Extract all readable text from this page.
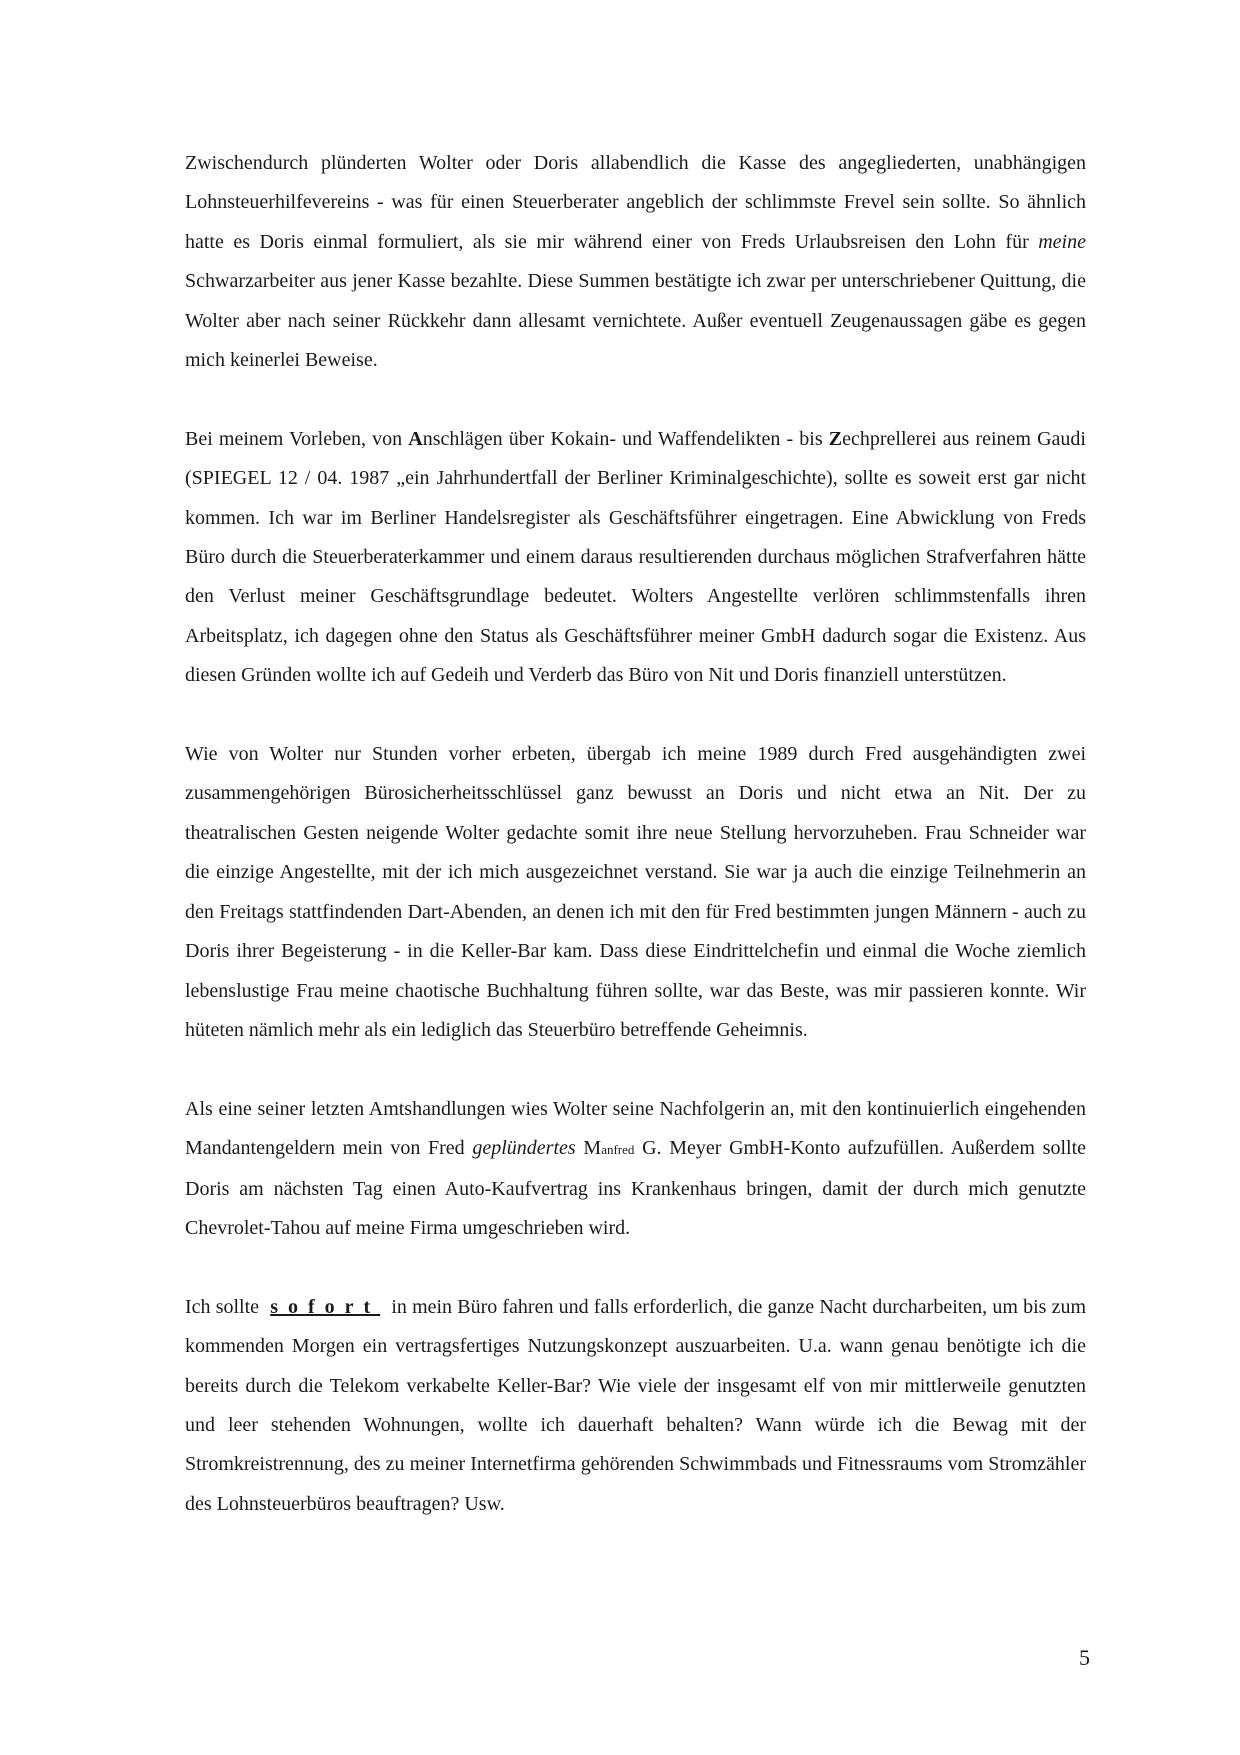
Zwischendurch plünderten Wolter oder Doris allabendlich die Kasse des angegliederten, unabhängigen Lohnsteuerhilfevereins - was für einen Steuerberater angeblich der schlimmste Frevel sein sollte. So ähnlich hatte es Doris einmal formuliert, als sie mir während einer von Freds Urlaubsreisen den Lohn für meine Schwarzarbeiter aus jener Kasse bezahlte. Diese Summen bestätigte ich zwar per unterschriebener Quittung, die Wolter aber nach seiner Rückkehr dann allesamt vernichtete. Außer eventuell Zeugenaussagen gäbe es gegen mich keinerlei Beweise.

Bei meinem Vorleben, von Anschlägen über Kokain- und Waffendelikten - bis Zechprellerei aus reinem Gaudi (SPIEGEL 12 / 04. 1987 „ein Jahrhundertfall der Berliner Kriminalgeschichte), sollte es soweit erst gar nicht kommen. Ich war im Berliner Handelsregister als Geschäftsführer eingetragen. Eine Abwicklung von Freds Büro durch die Steuerberaterkammer und einem daraus resultierenden durchaus möglichen Strafverfahren hätte den Verlust meiner Geschäftsgrundlage bedeutet. Wolters Angestellte verlören schlimmstenfalls ihren Arbeitsplatz, ich dagegen ohne den Status als Geschäftsführer meiner GmbH dadurch sogar die Existenz. Aus diesen Gründen wollte ich auf Gedeih und Verderb das Büro von Nit und Doris finanziell unterstützen.

Wie von Wolter nur Stunden vorher erbeten, übergab ich meine 1989 durch Fred ausgehändigten zwei zusammengehörigen Bürosicherheitsschlüssel ganz bewusst an Doris und nicht etwa an Nit. Der zu theatralischen Gesten neigende Wolter gedachte somit ihre neue Stellung hervorzuheben. Frau Schneider war die einzige Angestellte, mit der ich mich ausgezeichnet verstand. Sie war ja auch die einzige Teilnehmerin an den Freitags stattfindenden Dart-Abenden, an denen ich mit den für Fred bestimmten jungen Männern - auch zu Doris ihrer Begeisterung - in die Keller-Bar kam. Dass diese Eindrittelchefin und einmal die Woche ziemlich lebenslustige Frau meine chaotische Buchhaltung führen sollte, war das Beste, was mir passieren konnte. Wir hüteten nämlich mehr als ein lediglich das Steuerbüro betreffende Geheimnis.

Als eine seiner letzten Amtshandlungen wies Wolter seine Nachfolgerin an, mit den kontinuierlich eingehenden Mandantengeldern mein von Fred geplündertes Manfred G. Meyer GmbH-Konto aufzufüllen. Außerdem sollte Doris am nächsten Tag einen Auto-Kaufvertrag ins Krankenhaus bringen, damit der durch mich genutzte Chevrolet-Tahou auf meine Firma umgeschrieben wird.

Ich sollte sofort in mein Büro fahren und falls erforderlich, die ganze Nacht durcharbeiten, um bis zum kommenden Morgen ein vertragsfertiges Nutzungskonzept auszuarbeiten. U.a. wann genau benötigte ich die bereits durch die Telekom verkabelte Keller-Bar? Wie viele der insgesamt elf von mir mittlerweile genutzten und leer stehenden Wohnungen, wollte ich dauerhaft behalten? Wann würde ich die Bewag mit der Stromkreistrennung, des zu meiner Internetfirma gehörenden Schwimmbads und Fitnessraums vom Stromzähler des Lohnsteuerbüros beauftragen? Usw.

5
